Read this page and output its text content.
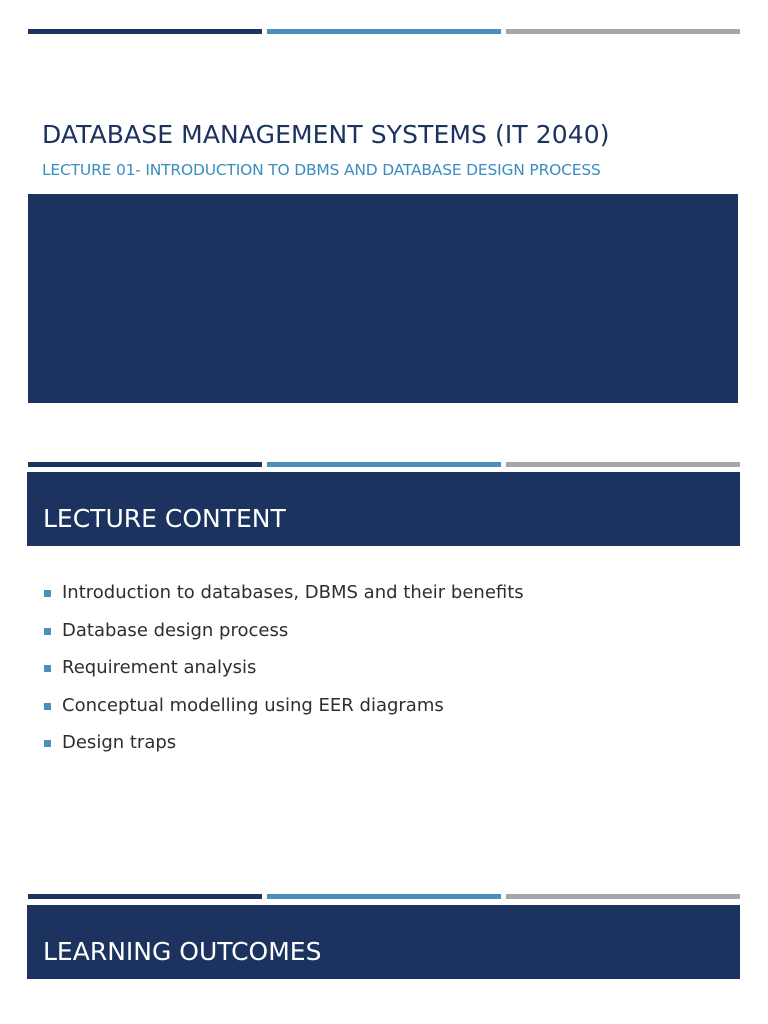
DATABASE MANAGEMENT SYSTEMS (IT 2040)
LECTURE 01- INTRODUCTION TO DBMS AND DATABASE DESIGN PROCESS
LECTURE CONTENT
Introduction to databases, DBMS and their benefits
Database design process
Requirement analysis
Conceptual modelling using EER diagrams
Design traps
LEARNING OUTCOMES
